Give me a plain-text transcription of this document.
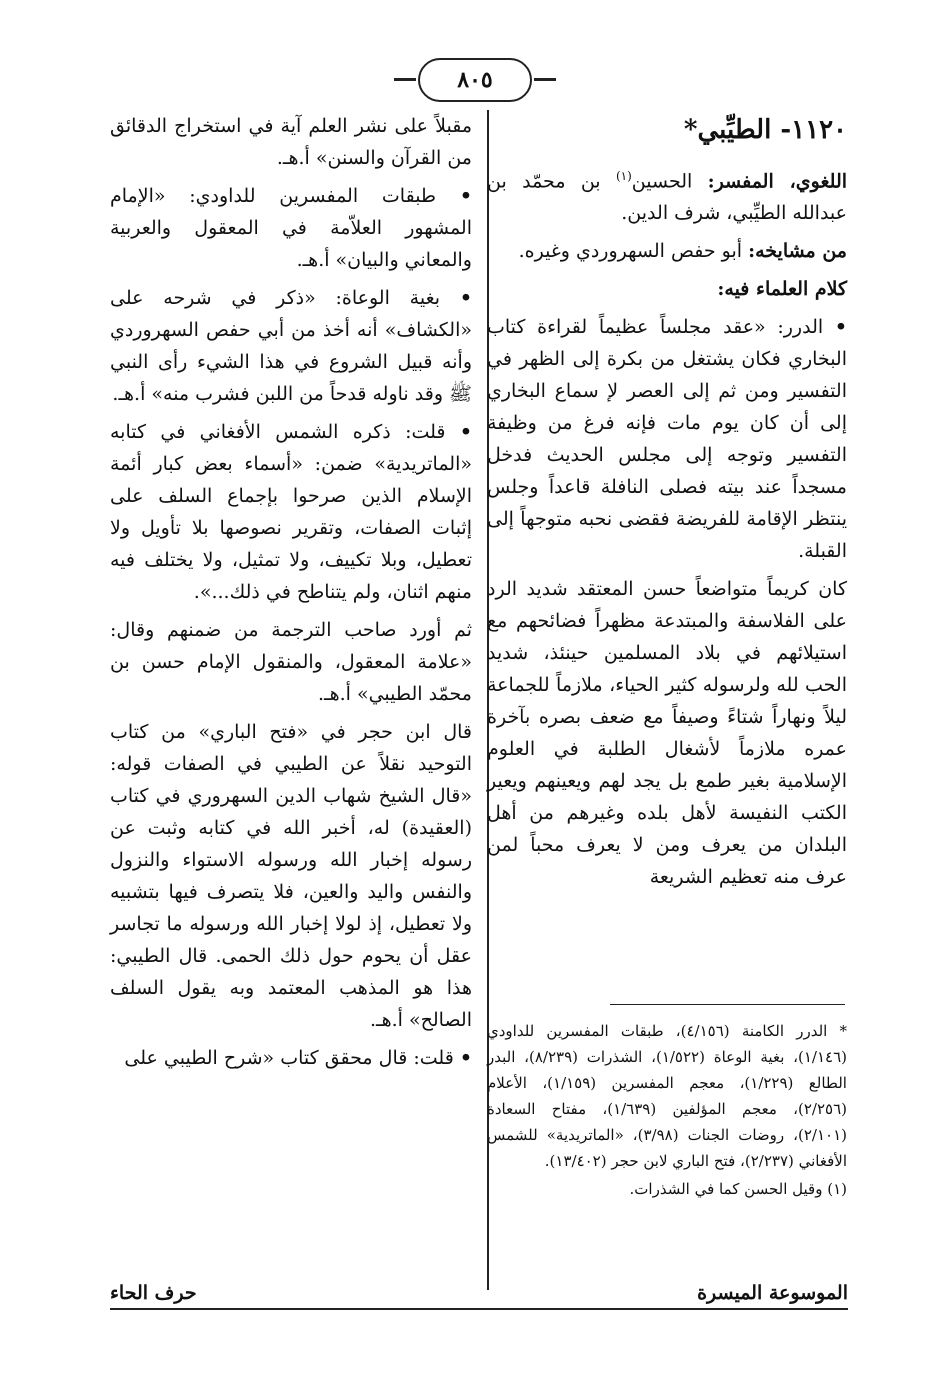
٨٠٥
١١٢٠- الطيِّبي*

اللغوي، المفسر: الحسين$^{(١)}$ بن محمّد بن عبدالله الطيِّبي، شرف الدين.

من مشايخه: أبو حفص السهروردي وغيره.

كلام العلماء فيه:

• الدرر: «عقد مجلساً عظيماً لقراءة كتاب البخاري فكان يشتغل من بكرة إلى الظهر في التفسير ومن ثم إلى العصر لإ سماع البخاري إلى أن كان يوم مات فإنه فرغ من وظيفة التفسير وتوجه إلى مجلس الحديث فدخل مسجداً عند بيته فصلى النافلة قاعداً وجلس ينتظر الإقامة للفريضة فقضى نحبه متوجهاً إلى القبلة.

كان كريماً متواضعاً حسن المعتقد شديد الرد على الفلاسفة والمبتدعة مظهراً فضائحهم مع استيلائهم في بلاد المسلمين حينئذ، شديد الحب لله ولرسوله كثير الحياء، ملازماً للجماعة ليلاً ونهاراً شتاءً وصيفاً مع ضعف بصره بآخرة عمره ملازماً لأشغال الطلبة في العلوم الإسلامية بغير طمع بل يجد لهم ويعينهم ويعير الكتب النفيسة لأهل بلده وغيرهم من أهل البلدان من يعرف ومن لا يعرف محباً لمن عرف منه تعظيم الشريعة

* الدرر الكامنة (٤/١٥٦)، طبقات المفسرين للداودي (١/١٤٦)، بغية الوعاة (١/٥٢٢)، الشذرات (٨/٢٣٩)، البدر الطالع (١/٢٢٩)، معجم المفسرين (١/١٥٩)، الأعلام (٢/٢٥٦)، معجم المؤلفين (١/٦٣٩)، مفتاح السعادة (٢/١٠١)، روضات الجنات (٣/٩٨)، «الماتريدية» للشمس الأفغاني (٢/٢٣٧)، فتح الباري لابن حجر (١٣/٤٠٢).

(١) وقيل الحسن كما في الشذرات.

مقبلاً على نشر العلم آية في استخراج الدقائق من القرآن والسنن» أ.هـ.

• طبقات المفسرين للداودي: «الإمام المشهور العلاّمة في المعقول والعربية والمعاني والبيان» أ.هـ.

• بغية الوعاة: «ذكر في شرحه على «الكشاف» أنه أخذ من أبي حفص السهروردي وأنه قبيل الشروع في هذا الشيء رأى النبي ﷺ وقد ناوله قدحاً من اللبن فشرب منه» أ.هـ.

• قلت: ذكره الشمس الأفغاني في كتابه «الماتريدية» ضمن: «أسماء بعض كبار أئمة الإسلام الذين صرحوا بإجماع السلف على إثبات الصفات، وتقرير نصوصها بلا تأويل ولا تعطيل، وبلا تكييف، ولا تمثيل، ولا يختلف فيه منهم اثنان، ولم يتناطح في ذلك...».

ثم أورد صاحب الترجمة من ضمنهم وقال: «علامة المعقول، والمنقول الإمام حسن بن محمّد الطيبي» أ.هـ.

قال ابن حجر في «فتح الباري» من كتاب التوحيد نقلاً عن الطيبي في الصفات قوله: «قال الشيخ شهاب الدين السهروري في كتاب (العقيدة) له، أخبر الله في كتابه وثبت عن رسوله إخبار الله ورسوله الاستواء والنزول والنفس واليد والعين، فلا يتصرف فيها بتشبيه ولا تعطيل، إذ لولا إخبار الله ورسوله ما تجاسر عقل أن يحوم حول ذلك الحمى. قال الطيبي: هذا هو المذهب المعتمد وبه يقول السلف الصالح» أ.هـ.

• قلت: قال محقق كتاب «شرح الطيبي على

الموسوعة الميسرة
حرف الحاء
